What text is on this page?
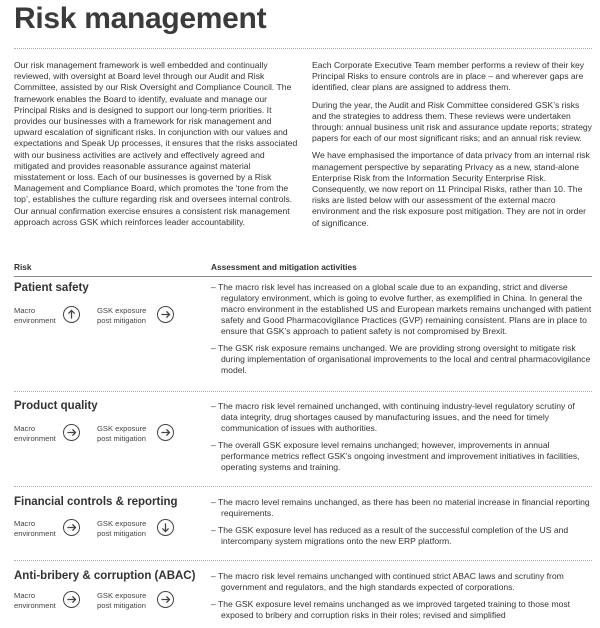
Risk management

Our risk management framework is well embedded and continually reviewed, with oversight at Board level through our Audit and Risk Committee, assisted by our Risk Oversight and Compliance Council. The framework enables the Board to identify, evaluate and manage our Principal Risks and is designed to support our long-term priorities. It provides our businesses with a framework for risk management and upward escalation of significant risks. In conjunction with our values and expectations and Speak Up processes, it ensures that the risks associated with our business activities are actively and effectively agreed and mitigated and provides reasonable assurance against material misstatement or loss. Each of our businesses is governed by a Risk Management and Compliance Board, which promotes the ‘tone from the top’, establishes the culture regarding risk and oversees internal controls. Our annual confirmation exercise ensures a consistent risk management approach across GSK which reinforces leader accountability.

Each Corporate Executive Team member performs a review of their key Principal Risks to ensure controls are in place – and wherever gaps are identified, clear plans are assigned to address them.

During the year, the Audit and Risk Committee considered GSK’s risks and the strategies to address them. These reviews were undertaken through: annual business unit risk and assurance update reports; strategy papers for each of our most significant risks; and an annual risk review.

We have emphasised the importance of data privacy from an internal risk management perspective by separating Privacy as a new, stand-alone Enterprise Risk from the Information Security Enterprise Risk. Consequently, we now report on 11 Principal Risks, rather than 10. The risks are listed below with our assessment of the external macro environment and the risk exposure post mitigation. They are not in order of significance.

Risk	Assessment and mitigation activities
Patient safety
Macro
environment
GSK exposure
post mitigation

– The macro risk level has increased on a global scale due to an expanding, strict and diverse regulatory environment, which is going to evolve further, as exemplified in China. In general the macro environment in the established US and European markets remains unchanged with patient safety and Good Pharmacovigilance Practices (GVP) remaining consistent. Plans are in place to ensure that GSK’s approach to patient safety is not compromised by Brexit.

– The GSK risk exposure remains unchanged. We are providing strong oversight to mitigate risk during implementation of organisational improvements to the local and central pharmacovigilance model.

Product quality
Macro
environment
GSK exposure
post mitigation

– The macro risk level remained unchanged, with continuing industry-level regulatory scrutiny of data integrity, drug shortages caused by manufacturing issues, and the need for timely communication of issues with authorities.

– The overall GSK exposure level remains unchanged; however, improvements in annual performance metrics reflect GSK’s ongoing investment and improvement initiatives in facilities, operating systems and training.

Financial controls & reporting
Macro
environment
GSK exposure
post mitigation

– The macro level remains unchanged, as there has been no material increase in financial reporting requirements.

– The GSK exposure level has reduced as a result of the successful completion of the US and intercompany system migrations onto the new ERP platform.

Anti-bribery & corruption (ABAC)
Macro
environment
GSK exposure
post mitigation

– The macro risk level remains unchanged with continued strict ABAC laws and scrutiny from government and regulators, and the high standards expected of corporations.

– The GSK exposure level remains unchanged as we improved targeted training to those most exposed to bribery and corruption risks in their roles; revised and simplified
